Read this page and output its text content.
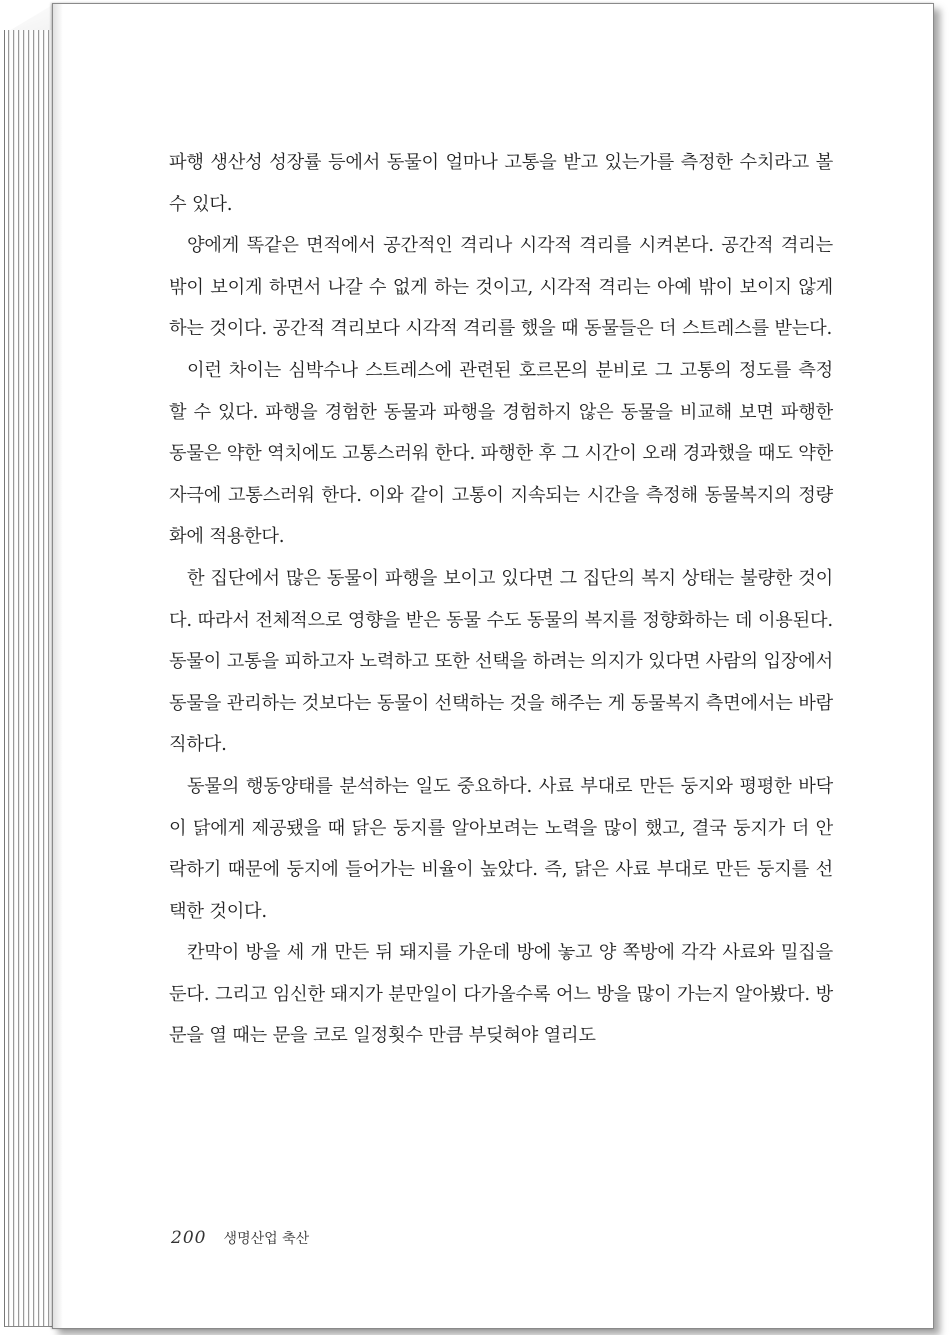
파행 생산성 성장률 등에서 동물이 얼마나 고통을 받고 있는가를 측정한 수치라고 볼 수 있다.

양에게 똑같은 면적에서 공간적인 격리나 시각적 격리를 시켜본다. 공간적 격리는 밖이 보이게 하면서 나갈 수 없게 하는 것이고, 시각적 격리는 아예 밖이 보이지 않게 하는 것이다. 공간적 격리보다 시각적 격리를 했을 때 동물들은 더 스트레스를 받는다.

이런 차이는 심박수나 스트레스에 관련된 호르몬의 분비로 그 고통의 정도를 측정할 수 있다. 파행을 경험한 동물과 파행을 경험하지 않은 동물을 비교해 보면 파행한 동물은 약한 역치에도 고통스러워 한다. 파행한 후 그 시간이 오래 경과했을 때도 약한 자극에 고통스러워 한다. 이와 같이 고통이 지속되는 시간을 측정해 동물복지의 정량화에 적용한다.

한 집단에서 많은 동물이 파행을 보이고 있다면 그 집단의 복지 상태는 불량한 것이다. 따라서 전체적으로 영향을 받은 동물 수도 동물의 복지를 정향화하는 데 이용된다. 동물이 고통을 피하고자 노력하고 또한 선택을 하려는 의지가 있다면 사람의 입장에서 동물을 관리하는 것보다는 동물이 선택하는 것을 해주는 게 동물복지 측면에서는 바람직하다.

동물의 행동양태를 분석하는 일도 중요하다. 사료 부대로 만든 둥지와 평평한 바닥이 닭에게 제공됐을 때 닭은 둥지를 알아보려는 노력을 많이 했고, 결국 둥지가 더 안락하기 때문에 둥지에 들어가는 비율이 높았다. 즉, 닭은 사료 부대로 만든 둥지를 선택한 것이다.

칸막이 방을 세 개 만든 뒤 돼지를 가운데 방에 놓고 양 쪽방에 각각 사료와 밀집을 둔다. 그리고 임신한 돼지가 분만일이 다가올수록 어느 방을 많이 가는지 알아봤다. 방문을 열 때는 문을 코로 일정횟수 만큼 부딪혀야 열리도

200 생명산업 축산
